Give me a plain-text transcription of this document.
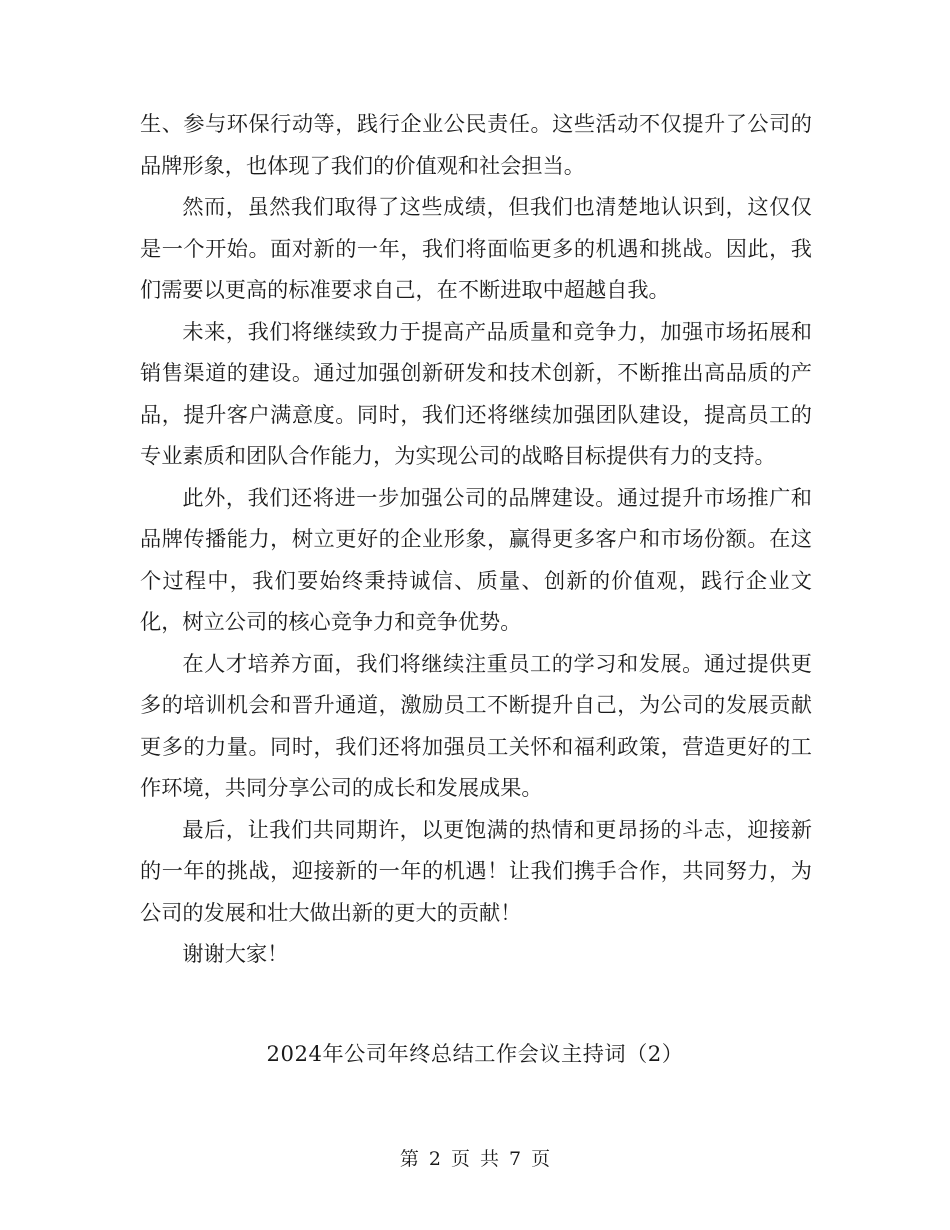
生、参与环保行动等，践行企业公民责任。这些活动不仅提升了公司的品牌形象，也体现了我们的价值观和社会担当。

然而，虽然我们取得了这些成绩，但我们也清楚地认识到，这仅仅是一个开始。面对新的一年，我们将面临更多的机遇和挑战。因此，我们需要以更高的标准要求自己，在不断进取中超越自我。

未来，我们将继续致力于提高产品质量和竞争力，加强市场拓展和销售渠道的建设。通过加强创新研发和技术创新，不断推出高品质的产品，提升客户满意度。同时，我们还将继续加强团队建设，提高员工的专业素质和团队合作能力，为实现公司的战略目标提供有力的支持。

此外，我们还将进一步加强公司的品牌建设。通过提升市场推广和品牌传播能力，树立更好的企业形象，赢得更多客户和市场份额。在这个过程中，我们要始终秉持诚信、质量、创新的价值观，践行企业文化，树立公司的核心竞争力和竞争优势。

在人才培养方面，我们将继续注重员工的学习和发展。通过提供更多的培训机会和晋升通道，激励员工不断提升自己，为公司的发展贡献更多的力量。同时，我们还将加强员工关怀和福利政策，营造更好的工作环境，共同分享公司的成长和发展成果。

最后，让我们共同期许，以更饱满的热情和更昂扬的斗志，迎接新的一年的挑战，迎接新的一年的机遇！让我们携手合作，共同努力，为公司的发展和壮大做出新的更大的贡献！

谢谢大家！

2024年公司年终总结工作会议主持词（2）
第 2 页 共 7 页
